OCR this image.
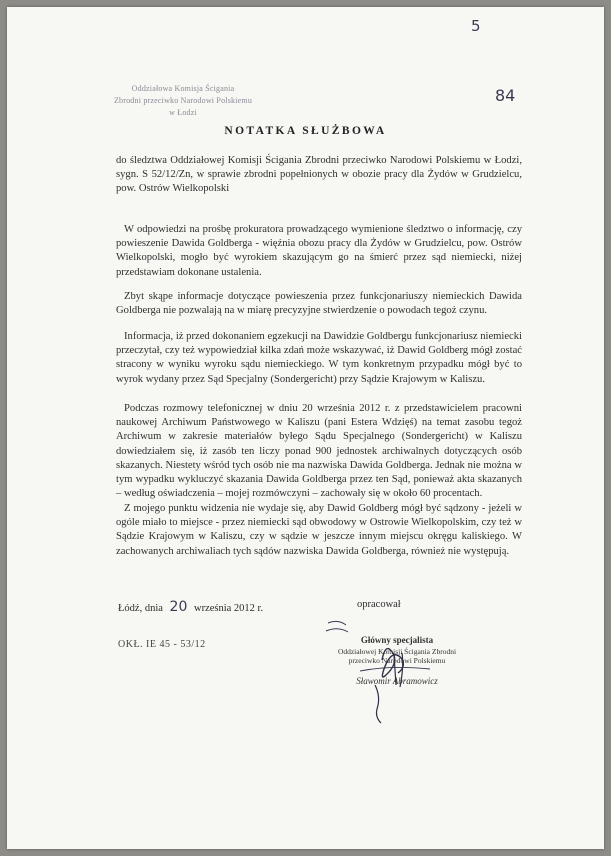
5
84
Oddziałowa Komisja Ścigania
Zbrodni przeciwko Narodowi Polskiemu
w Łodzi
NOTATKA SŁUŻBOWA
do śledztwa Oddziałowej Komisji Ścigania Zbrodni przeciwko Narodowi Polskiemu w Łodzi, sygn. S 52/12/Zn, w sprawie zbrodni popełnionych w obozie pracy dla Żydów w Grudzielcu, pow. Ostrów Wielkopolski
W odpowiedzi na prośbę prokuratora prowadzącego wymienione śledztwo o informację, czy powieszenie Dawida Goldberga - więźnia obozu pracy dla Żydów w Grudzielcu, pow. Ostrów Wielkopolski, mogło być wyrokiem skazującym go na śmierć przez sąd niemiecki, niżej przedstawiam dokonane ustalenia.
Zbyt skąpe informacje dotyczące powieszenia przez funkcjonariuszy niemieckich Dawida Goldberga nie pozwalają na w miarę precyzyjne stwierdzenie o powodach tegoż czynu.
Informacja, iż przed dokonaniem egzekucji na Dawidzie Goldbergu funkcjonariusz niemiecki przeczytał, czy też wypowiedział kilka zdań może wskazywać, iż Dawid Goldberg mógł zostać stracony w wyniku wyroku sądu niemieckiego. W tym konkretnym przypadku mógł być to wyrok wydany przez Sąd Specjalny (Sondergericht) przy Sądzie Krajowym w Kaliszu.
Podczas rozmowy telefonicznej w dniu 20 września 2012 r. z przedstawicielem pracowni naukowej Archiwum Państwowego w Kaliszu (pani Estera Wdzięś) na temat zasobu tegoż Archiwum w zakresie materiałów byłego Sądu Specjalnego (Sondergericht) w Kaliszu dowiedziałem się, iż zasób ten liczy ponad 900 jednostek archiwalnych dotyczących osób skazanych. Niestety wśród tych osób nie ma nazwiska Dawida Goldberga. Jednak nie można w tym wypadku wykluczyć skazania Dawida Goldberga przez ten Sąd, ponieważ akta skazanych – według oświadczenia – mojej rozmówczyni – zachowały się w około 60 procentach.
Z mojego punktu widzenia nie wydaje się, aby Dawid Goldberg mógł być sądzony - jeżeli w ogóle miało to miejsce - przez niemiecki sąd obwodowy w Ostrowie Wielkopolskim, czy też w Sądzie Krajowym w Kaliszu, czy w sądzie w jeszcze innym miejscu okręgu kaliskiego. W zachowanych archiwaliach tych sądów nazwiska Dawida Goldberga, również nie występują.
Łódź, dnia 20 września 2012 r.	opracował
OKŁ. IE 45 - 53/12	Główny specjalista
Oddziałowej Komisji Ścigania Zbrodni
przeciwko Narodowi Polskiemu
Sławomir Abramowicz
